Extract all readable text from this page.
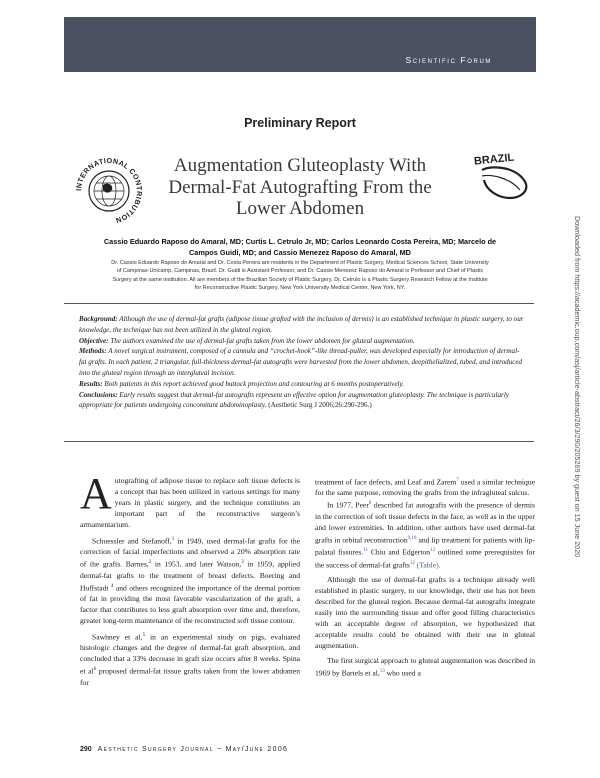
Scientific Forum
Preliminary Report
INTERNATIONAL CONTRIBUTION
BRAZIL
Augmentation Gluteoplasty With
Dermal-Fat Autografting From the
Lower Abdomen
Cassio Eduardo Raposo do Amaral, MD; Curtis L. Cetrulo Jr, MD; Carlos Leonardo Costa Pereira, MD; Marcelo de
Campos Guidi, MD; and Cassio Menezez Raposo do Amaral, MD
Dr. Cassio Eduardo Raposo do Amaral and Dr. Costa Pereira are residents in the Department of Plastic Surgery, Medical Sciences School, State University
of Campinas-Unicamp, Campinas, Brazil. Dr. Guidi is Assistant Professor, and Dr. Cassio Menezez Raposo do Amaral is Professor and Chief of Plastic
Surgery at the same institution. All are members of the Brazilian Society of Plastic Surgery. Dr. Cetrulo is a Plastic Surgery Research Fellow at the Institute
for Reconstructive Plastic Surgery, New York University Medical Center, New York, NY.

Background: Although the use of dermal-fat grafts (adipose tissue grafted with the inclusion of dermis) is an established technique in plastic surgery, to our knowledge, the technique has not been utilized in the gluteal region.

Objective: The authors examined the use of dermal-fat grafts taken from the lower abdomen for gluteal augmentation.

Methods: A novel surgical instrument, composed of a cannula and “crochet-hook”-like thread-puller, was developed especially for introduction of dermal-fat grafts. In each patient, 2 triangular, full-thickness dermal-fat autografts were harvested from the lower abdomen, deepithelialized, tubed, and introduced into the gluteal region through an intergluteal incision.

Results: Both patients in this report achieved good buttock projection and contouring at 6 months postoperatively.

Conclusions: Early results suggest that dermal-fat autografts represent an effective option for augmentation gluteoplasty. The technique is particularly appropriate for patients undergoing concomitant abdominoplasty. (Aesthetic Surg J 2006;26:290-296.)

Autografting of adipose tissue to replace soft tissue defects is a concept that has been utilized in various settings for many years in plastic surgery, and the technique constitutes an important part of the reconstructive surgeon’s armamentarium.

Schuessler and Stefanoff,$^1$ in 1949, used dermal-fat grafts for the correction of facial imperfections and observed a 20% absorption rate of the grafts. Barnes,$^2$ in 1953, and later Watson,$^3$ in 1959, applied dermal-fat grafts to the treatment of breast defects. Boering and Huffstadt $^4$ and others recognized the importance of the dermal portion of fat in providing the most favorable vascularization of the graft, a factor that contributes to less graft absorption over time and, therefore, greater long-term maintenance of the reconstructed soft tissue contour.

Sawhney et al,$^5$ in an experimental study on pigs, evaluated histologic changes and the degree of dermal-fat graft absorption, and concluded that a 33% decrease in graft size occurs after 8 weeks. Spina et $al^6$ proposed dermal-fat tissue grafts taken from the lower abdomen for

treatment of face defects, and Leaf and Zarem$^7$ used a similar technique for the same purpose, removing the grafts from the infragluteal sulcus.

In 1977, Peer$^8$ described fat autografts with the presence of dermis in the correction of soft tissue defects in the face, as well as in the upper and lower extremities. In addition, other authors have used dermal-fat grafts in orbital reconstruction$^{9,10}$ and lip treatment for patients with lip-palatal fissures.$^{11}$ Chiu and Edgerton$^{12}$ outlined some prerequisites for the success of dermal-fat grafts$^{12}$ (Table).

Although the use of dermal-fat grafts is a technique already well established in plastic surgery, to our knowledge, their use has not been described for the gluteal region. Because dermal-fat autografts integrate easily into the surrounding tissue and offer good filling characteristics with an acceptable degree of absorption, we hypothesized that acceptable results could be obtained with their use in gluteal augmentation.

The first surgical approach to gluteal augmentation was described in 1969 by Bartels et al,$^{13}$ who used a

290 Aesthetic Surgery Journal ~ May/June 2006
Downloaded from https://academic.oup.com/asj/article-abstract/26/3/290/205269 by guest on 15 June 2020
